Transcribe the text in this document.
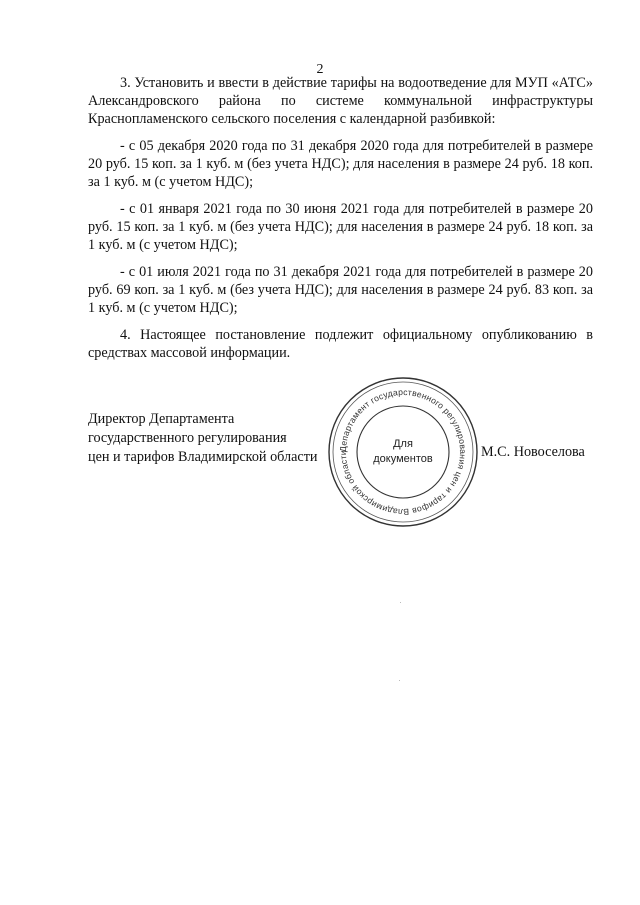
2

3. Установить и ввести в действие тарифы на водоотведение для МУП «АТС» Александровского района по системе коммунальной инфраструктуры Краснопламенского сельского поселения с календарной разбивкой:

- с 05 декабря 2020 года по 31 декабря 2020 года для потребителей в размере 20 руб. 15 коп. за 1 куб. м (без учета НДС); для населения в размере 24 руб. 18 коп. за 1 куб. м (с учетом НДС);

- с 01 января 2021 года по 30 июня 2021 года для потребителей в размере 20 руб. 15 коп. за 1 куб. м (без учета НДС); для населения в размере 24 руб. 18 коп. за 1 куб. м (с учетом НДС);

- с 01 июля 2021 года по 31 декабря 2021 года для потребителей в размере 20 руб. 69 коп. за 1 куб. м (без учета НДС); для населения в размере 24 руб. 83 коп. за 1 куб. м (с учетом НДС);

4. Настоящее постановление подлежит официальному опубликованию в средствах массовой информации.

Директор Департамента
государственного регулирования
цен и тарифов Владимирской области
Департамент государственного регулирования цен и тарифов Владимирской области
Для
документов	М.С. Новоселова
